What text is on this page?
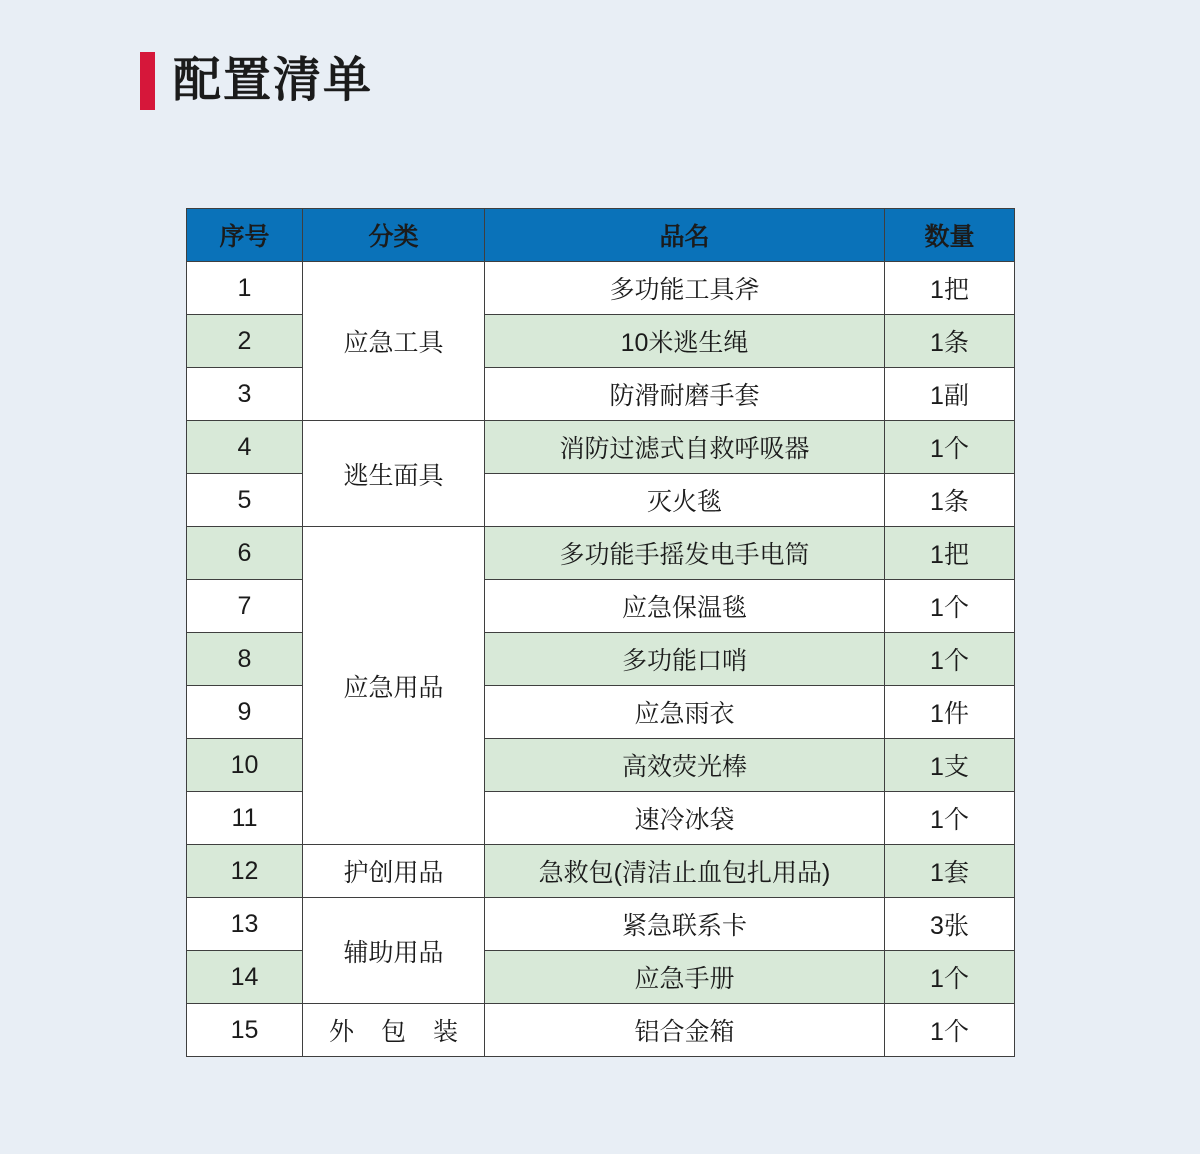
配置清单
序号	分类	品名	数量
1	应急工具	多功能工具斧	1把
2		10米逃生绳	1条
3		防滑耐磨手套	1副
4	逃生面具	消防过滤式自救呼吸器	1个
5		灭火毯	1条
6	应急用品	多功能手摇发电手电筒	1把
7		应急保温毯	1个
8		多功能口哨	1个
9		应急雨衣	1件
10		高效荧光棒	1支
11		速冷冰袋	1个
12	护创用品	急救包(清洁止血包扎用品)	1套
13	辅助用品	紧急联系卡	3张
14		应急手册	1个
15	外 包 装	铝合金箱	1个
